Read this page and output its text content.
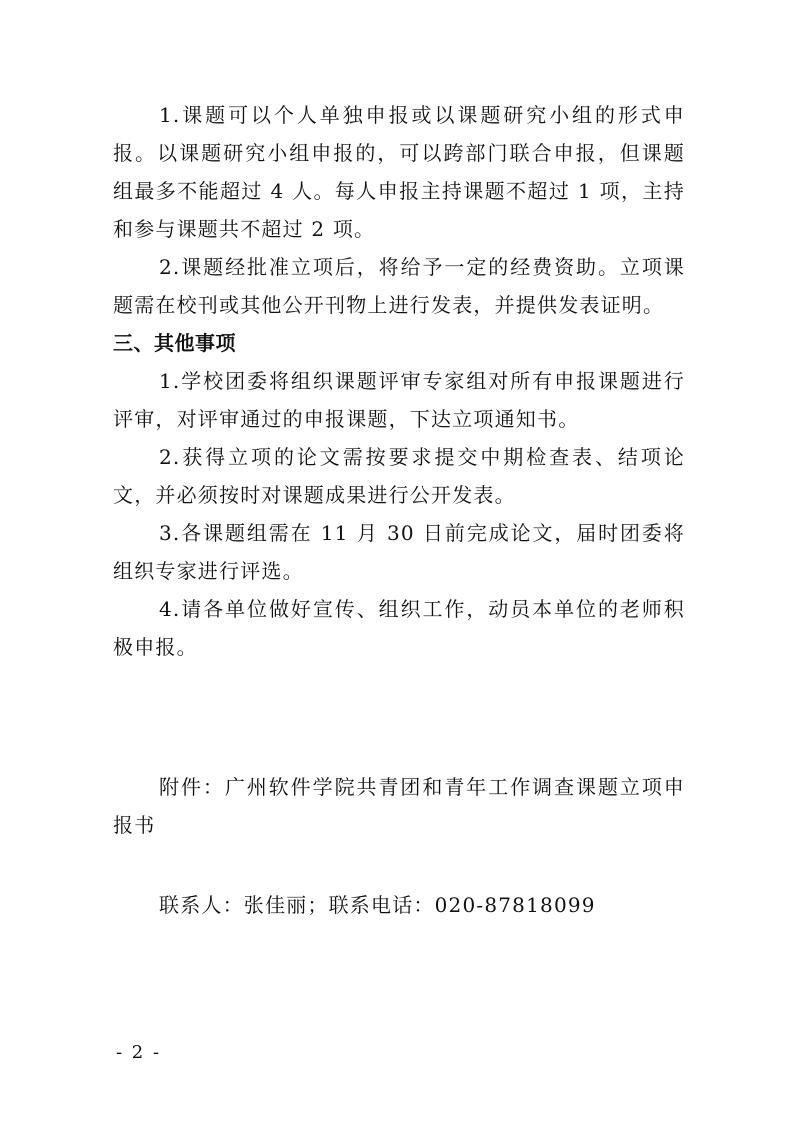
1.课题可以个人单独申报或以课题研究小组的形式申报。以课题研究小组申报的，可以跨部门联合申报，但课题组最多不能超过 4 人。每人申报主持课题不超过 1 项，主持和参与课题共不超过 2 项。

2.课题经批准立项后，将给予一定的经费资助。立项课题需在校刊或其他公开刊物上进行发表，并提供发表证明。

三、其他事项

1.学校团委将组织课题评审专家组对所有申报课题进行评审，对评审通过的申报课题，下达立项通知书。

2.获得立项的论文需按要求提交中期检查表、结项论文，并必须按时对课题成果进行公开发表。

3.各课题组需在 11 月 30 日前完成论文，届时团委将组织专家进行评选。

4.请各单位做好宣传、组织工作，动员本单位的老师积极申报。

附件：广州软件学院共青团和青年工作调查课题立项申报书

联系人：张佳丽；联系电话：020-87818099

- 2 -
